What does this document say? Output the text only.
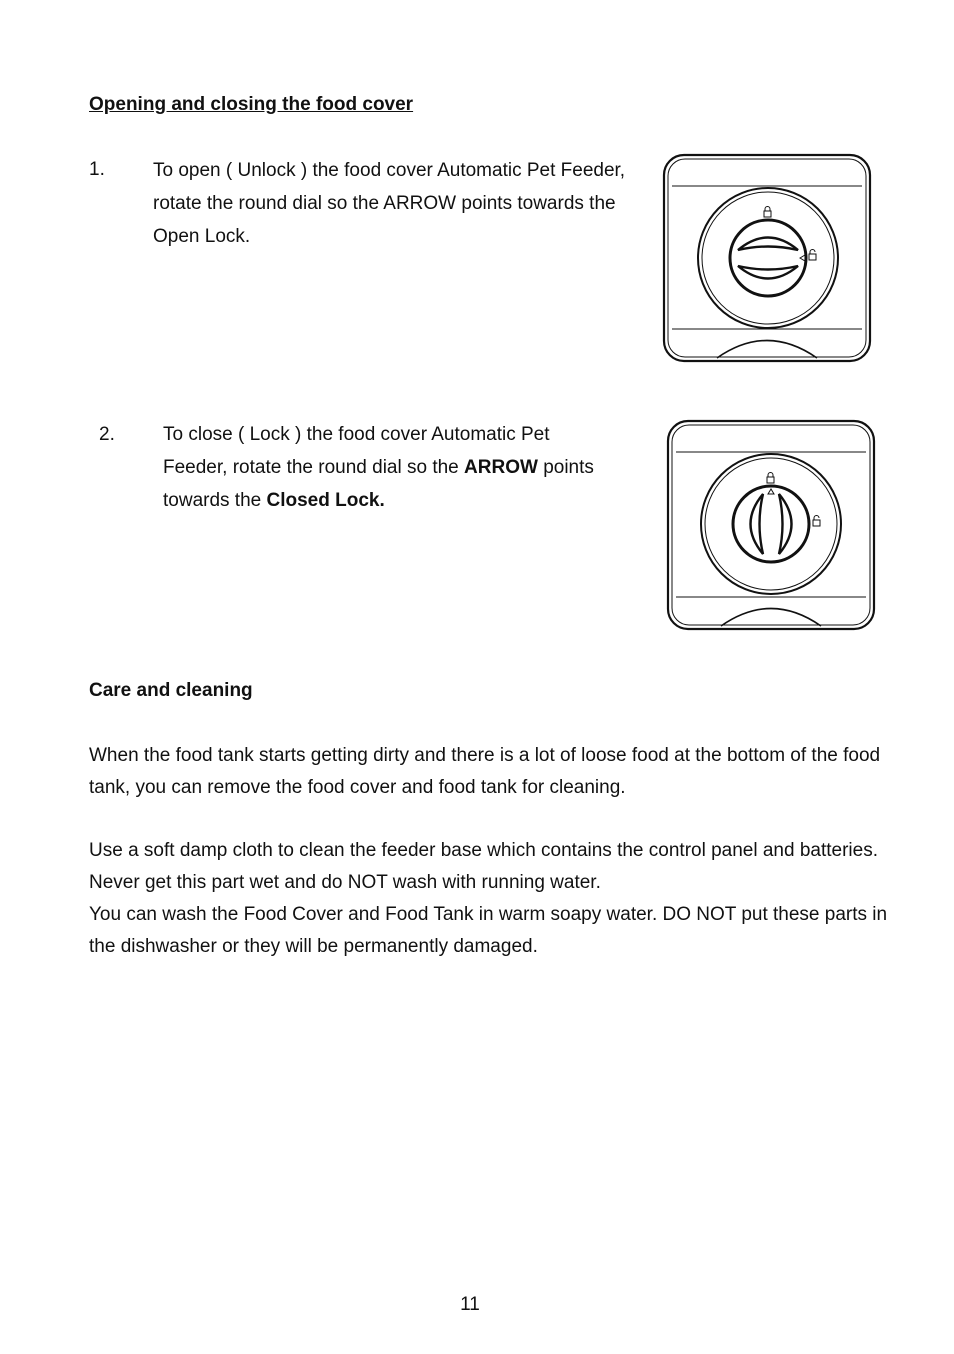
Opening and closing the food cover
1.	To open ( Unlock ) the food cover Automatic Pet Feeder, rotate the round dial so the ARROW points towards the Open Lock.
2.	To close ( Lock ) the food cover Automatic Pet Feeder, rotate the round dial so the ARROW points towards the Closed Lock.
Care and cleaning
When the food tank starts getting dirty and there is a lot of loose food at the bottom of the food tank, you can remove the food cover and food tank for cleaning.
Use a soft damp cloth to clean the feeder base which contains the control panel and batteries. Never get this part wet and do NOT wash with running water.
You can wash the Food Cover and Food Tank in warm soapy water. DO NOT put these parts in the dishwasher or they will be permanently damaged.
11
